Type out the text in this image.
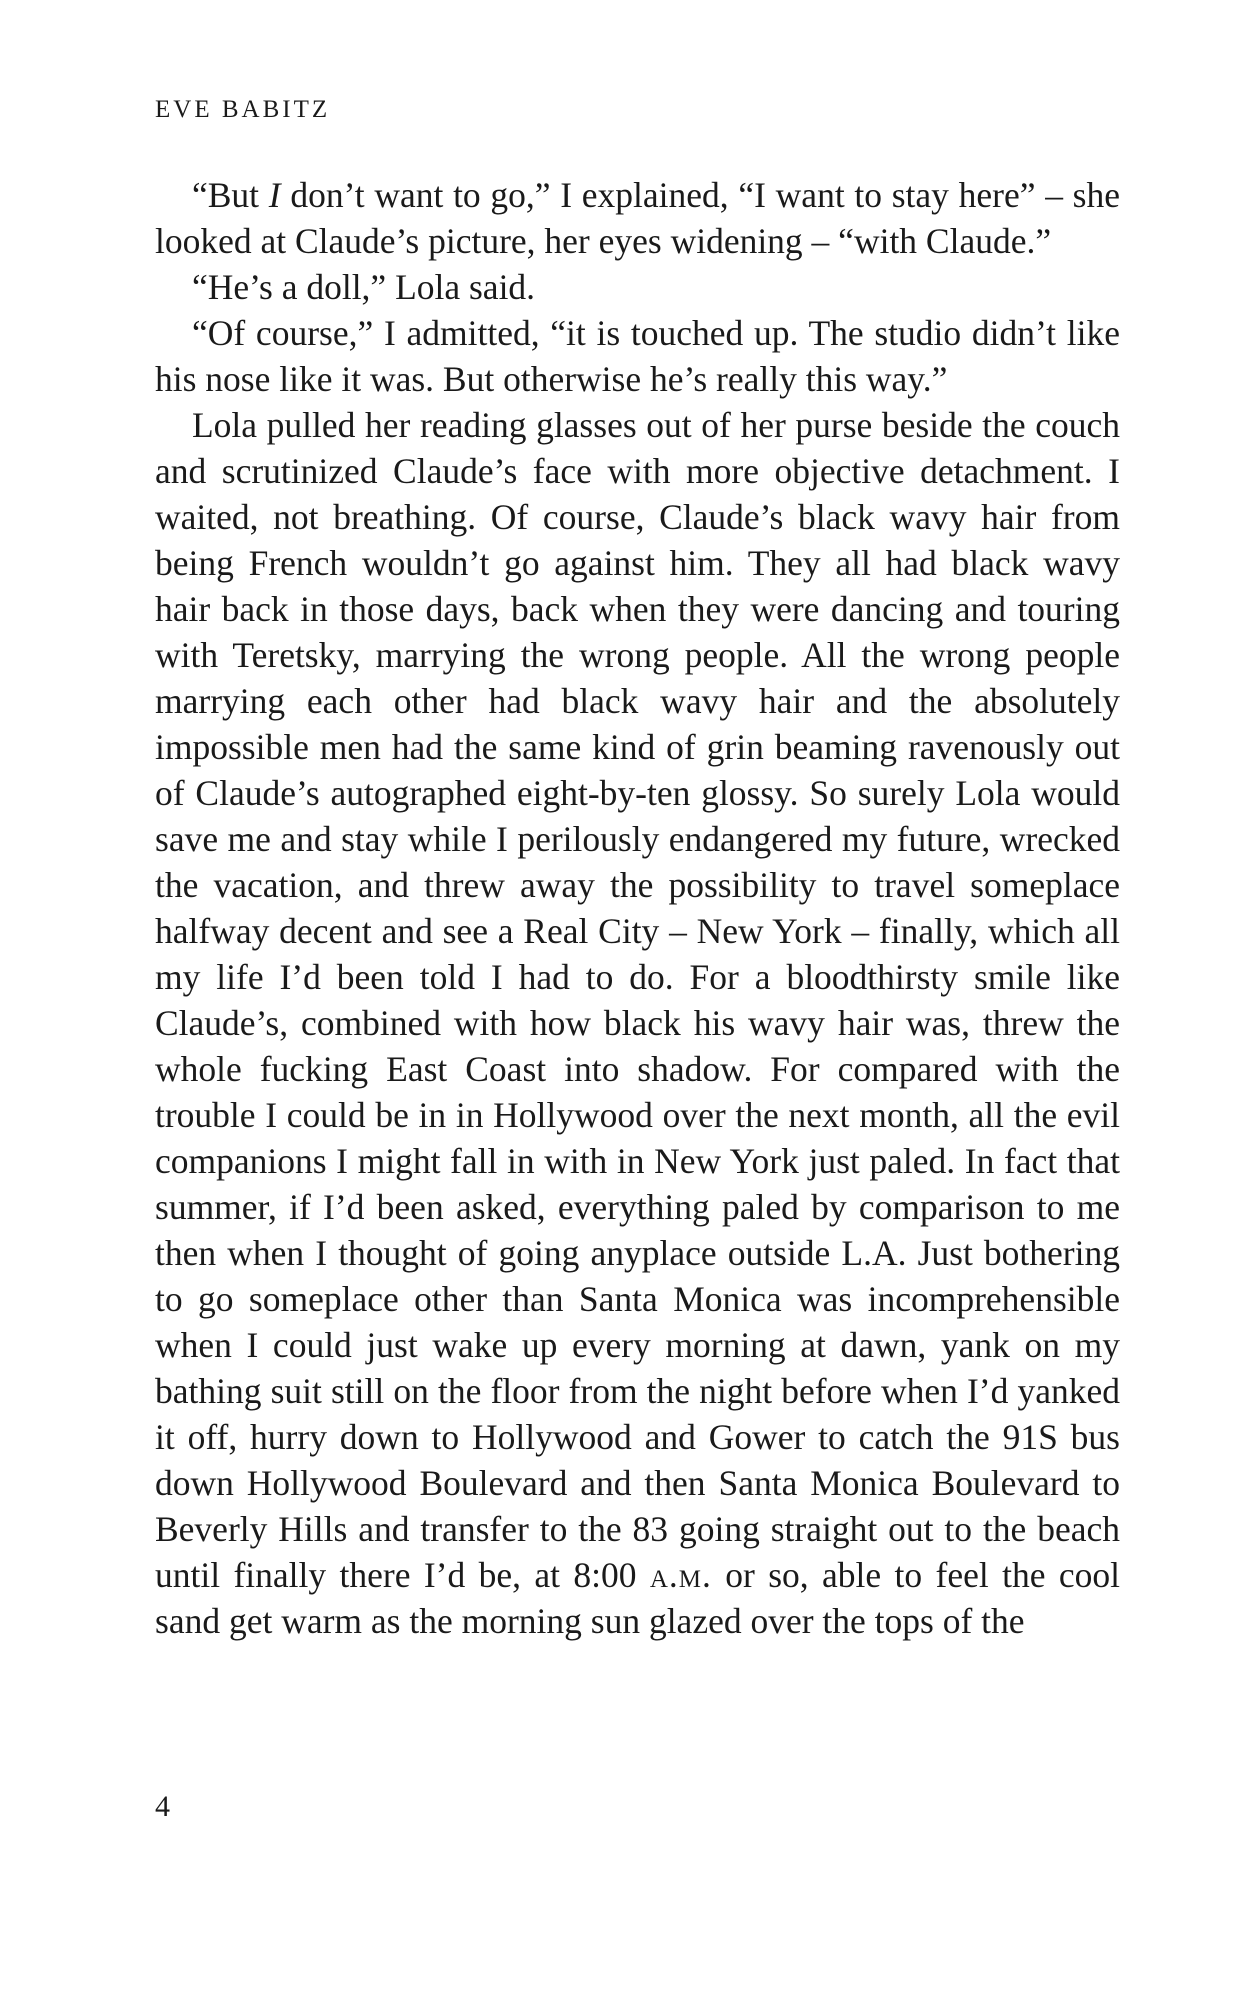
EVE BABITZ

“But I don’t want to go,” I explained, “I want to stay here” – she looked at Claude’s picture, her eyes widening – “with Claude.”

“He’s a doll,” Lola said.

“Of course,” I admitted, “it is touched up. The studio didn’t like his nose like it was. But otherwise he’s really this way.”

Lola pulled her reading glasses out of her purse beside the couch and scrutinized Claude’s face with more objective detachment. I waited, not breathing. Of course, Claude’s black wavy hair from being French wouldn’t go against him. They all had black wavy hair back in those days, back when they were dancing and touring with Teretsky, marrying the wrong people. All the wrong people marrying each other had black wavy hair and the absolutely impossible men had the same kind of grin beaming ravenously out of Claude’s autographed eight-by-ten glossy. So surely Lola would save me and stay while I perilously endangered my future, wrecked the vacation, and threw away the possibility to travel someplace halfway decent and see a Real City – New York – finally, which all my life I’d been told I had to do. For a bloodthirsty smile like Claude’s, combined with how black his wavy hair was, threw the whole fucking East Coast into shadow. For compared with the trouble I could be in in Hollywood over the next month, all the evil companions I might fall in with in New York just paled. In fact that summer, if I’d been asked, everything paled by comparison to me then when I thought of going anyplace outside L.A. Just bothering to go someplace other than Santa Monica was incomprehensible when I could just wake up every morning at dawn, yank on my bathing suit still on the floor from the night before when I’d yanked it off, hurry down to Hollywood and Gower to catch the 91S bus down Hollywood Boulevard and then Santa Monica Boulevard to Beverly Hills and transfer to the 83 going straight out to the beach until finally there I’d be, at 8:00 a.m. or so, able to feel the cool sand get warm as the morning sun glazed over the tops of the

4
